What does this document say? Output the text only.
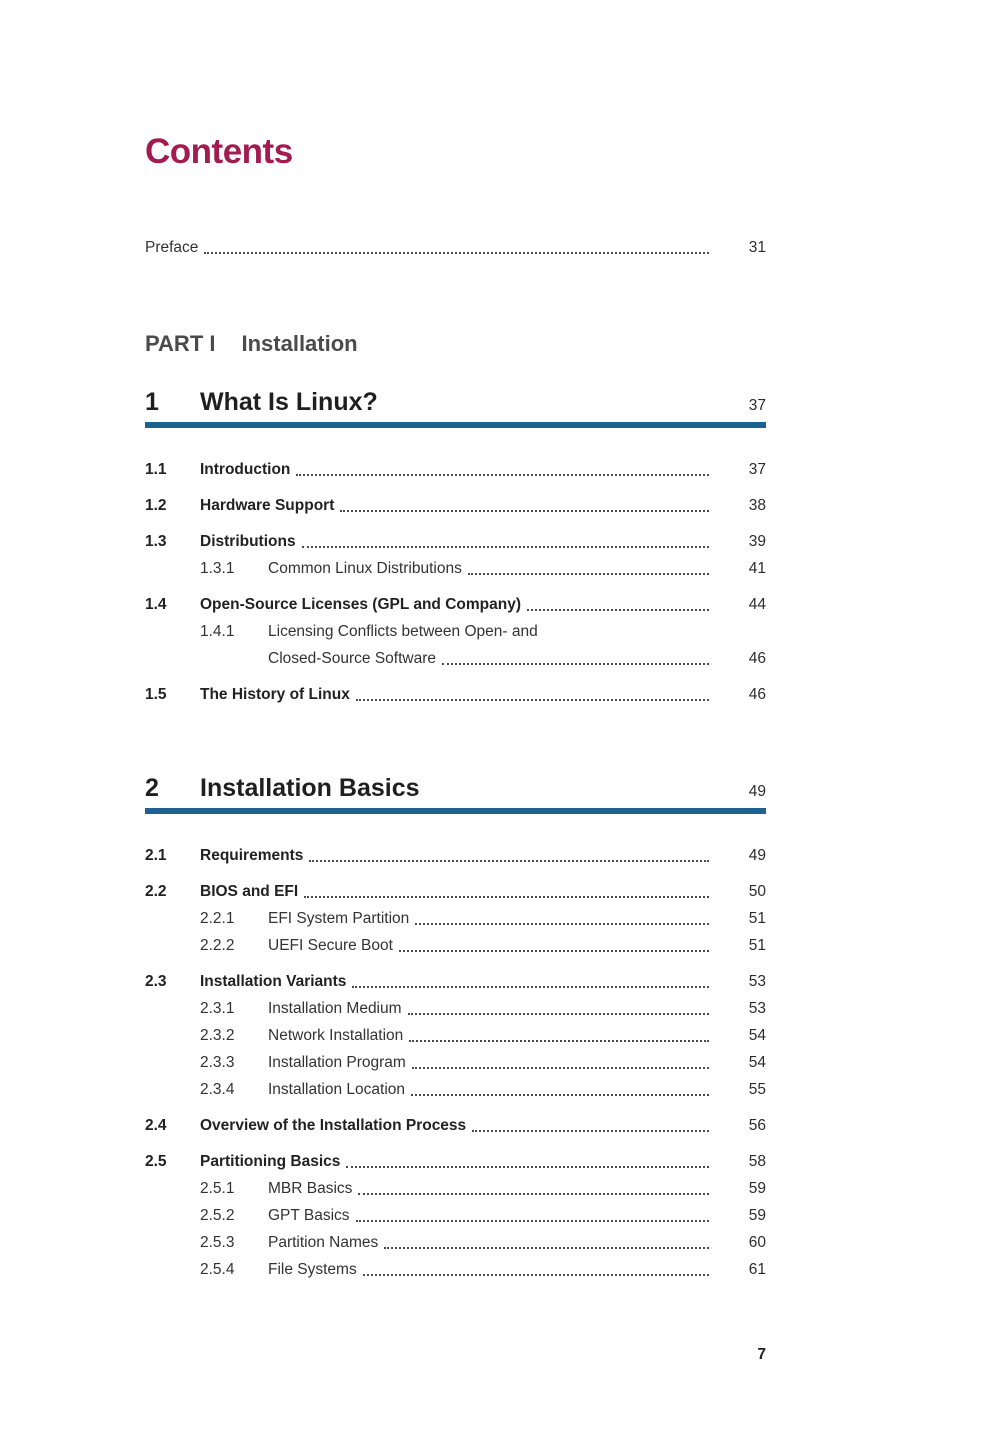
Contents
Preface	31
PART I Installation
1	What Is Linux?	37
1.1	Introduction	37
1.2	Hardware Support	38
1.3	Distributions	39
1.3.1	Common Linux Distributions	41
1.4	Open-Source Licenses (GPL and Company)	44
1.4.1	Licensing Conflicts between Open- and
Closed-Source Software	46
1.5	The History of Linux	46
2	Installation Basics	49
2.1	Requirements	49
2.2	BIOS and EFI	50
2.2.1	EFI System Partition	51
2.2.2	UEFI Secure Boot	51
2.3	Installation Variants	53
2.3.1	Installation Medium	53
2.3.2	Network Installation	54
2.3.3	Installation Program	54
2.3.4	Installation Location	55
2.4	Overview of the Installation Process	56
2.5	Partitioning Basics	58
2.5.1	MBR Basics	59
2.5.2	GPT Basics	59
2.5.3	Partition Names	60
2.5.4	File Systems	61
7
